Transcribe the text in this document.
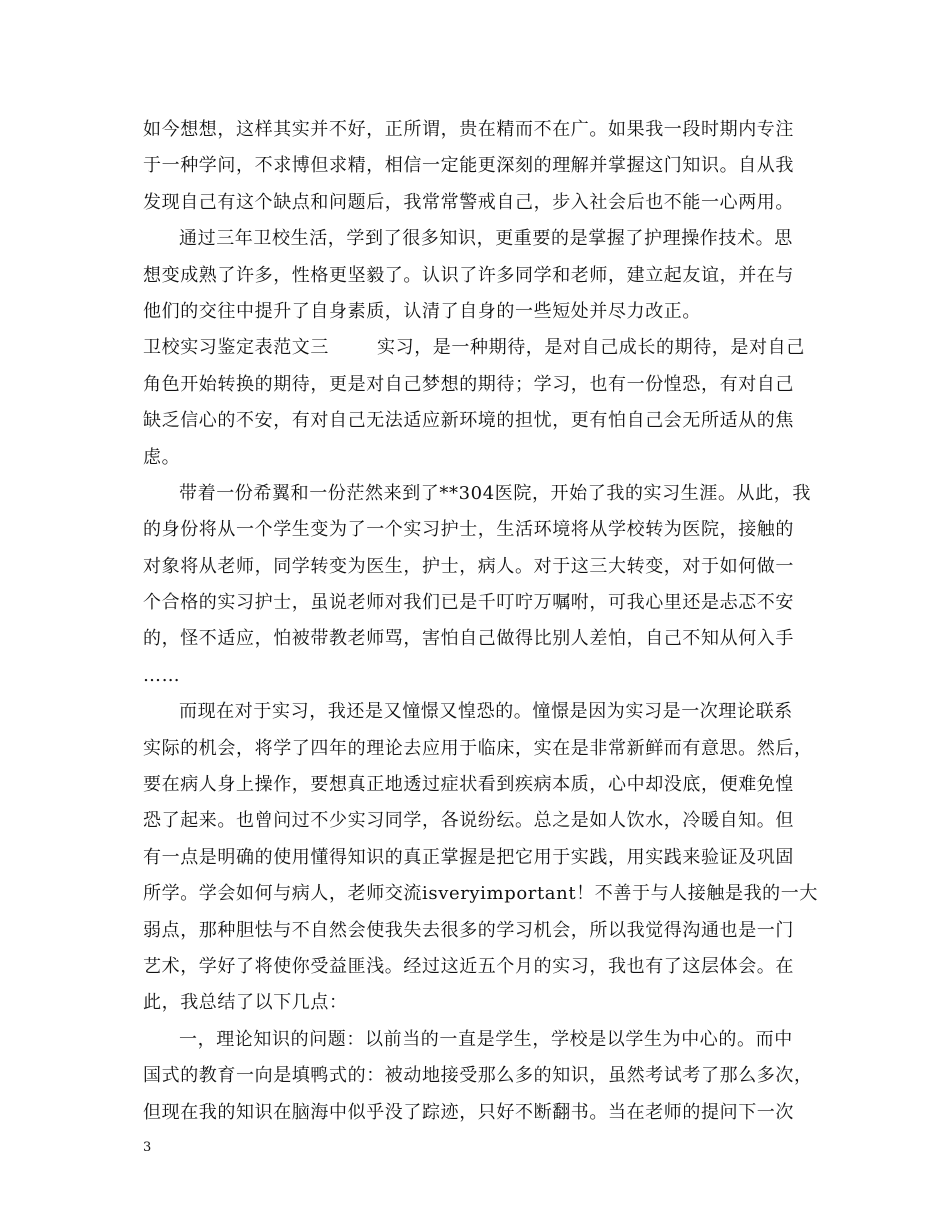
如今想想，这样其实并不好，正所谓，贵在精而不在广。如果我一段时期内专注
于一种学问，不求博但求精，相信一定能更深刻的理解并掌握这门知识。自从我
发现自己有这个缺点和问题后，我常常警戒自己，步入社会后也不能一心两用。
通过三年卫校生活，学到了很多知识，更重要的是掌握了护理操作技术。思
想变成熟了许多，性格更坚毅了。认识了许多同学和老师，建立起友谊，并在与
他们的交往中提升了自身素质，认清了自身的一些短处并尽力改正。
卫校实习鉴定表范文三	实习，是一种期待，是对自己成长的期待，是对自己
角色开始转换的期待，更是对自己梦想的期待；学习，也有一份惶恐，有对自己
缺乏信心的不安，有对自己无法适应新环境的担忧，更有怕自己会无所适从的焦
虑。
带着一份希翼和一份茫然来到了**304医院，开始了我的实习生涯。从此，我
的身份将从一个学生变为了一个实习护士，生活环境将从学校转为医院，接触的
对象将从老师，同学转变为医生，护士，病人。对于这三大转变，对于如何做一
个合格的实习护士，虽说老师对我们已是千叮咛万嘱咐，可我心里还是忐忑不安
的，怪不适应，怕被带教老师骂，害怕自己做得比别人差怕，自己不知从何入手
……
而现在对于实习，我还是又憧憬又惶恐的。憧憬是因为实习是一次理论联系
实际的机会，将学了四年的理论去应用于临床，实在是非常新鲜而有意思。然后，
要在病人身上操作，要想真正地透过症状看到疾病本质，心中却没底，便难免惶
恐了起来。也曾问过不少实习同学，各说纷纭。总之是如人饮水，冷暖自知。但
有一点是明确的使用懂得知识的真正掌握是把它用于实践，用实践来验证及巩固
所学。学会如何与病人，老师交流isveryimportant！不善于与人接触是我的一大
弱点，那种胆怯与不自然会使我失去很多的学习机会，所以我觉得沟通也是一门
艺术，学好了将使你受益匪浅。经过这近五个月的实习，我也有了这层体会。在
此，我总结了以下几点：
一，理论知识的问题：以前当的一直是学生，学校是以学生为中心的。而中
国式的教育一向是填鸭式的：被动地接受那么多的知识，虽然考试考了那么多次，
但现在我的知识在脑海中似乎没了踪迹，只好不断翻书。当在老师的提问下一次
3
